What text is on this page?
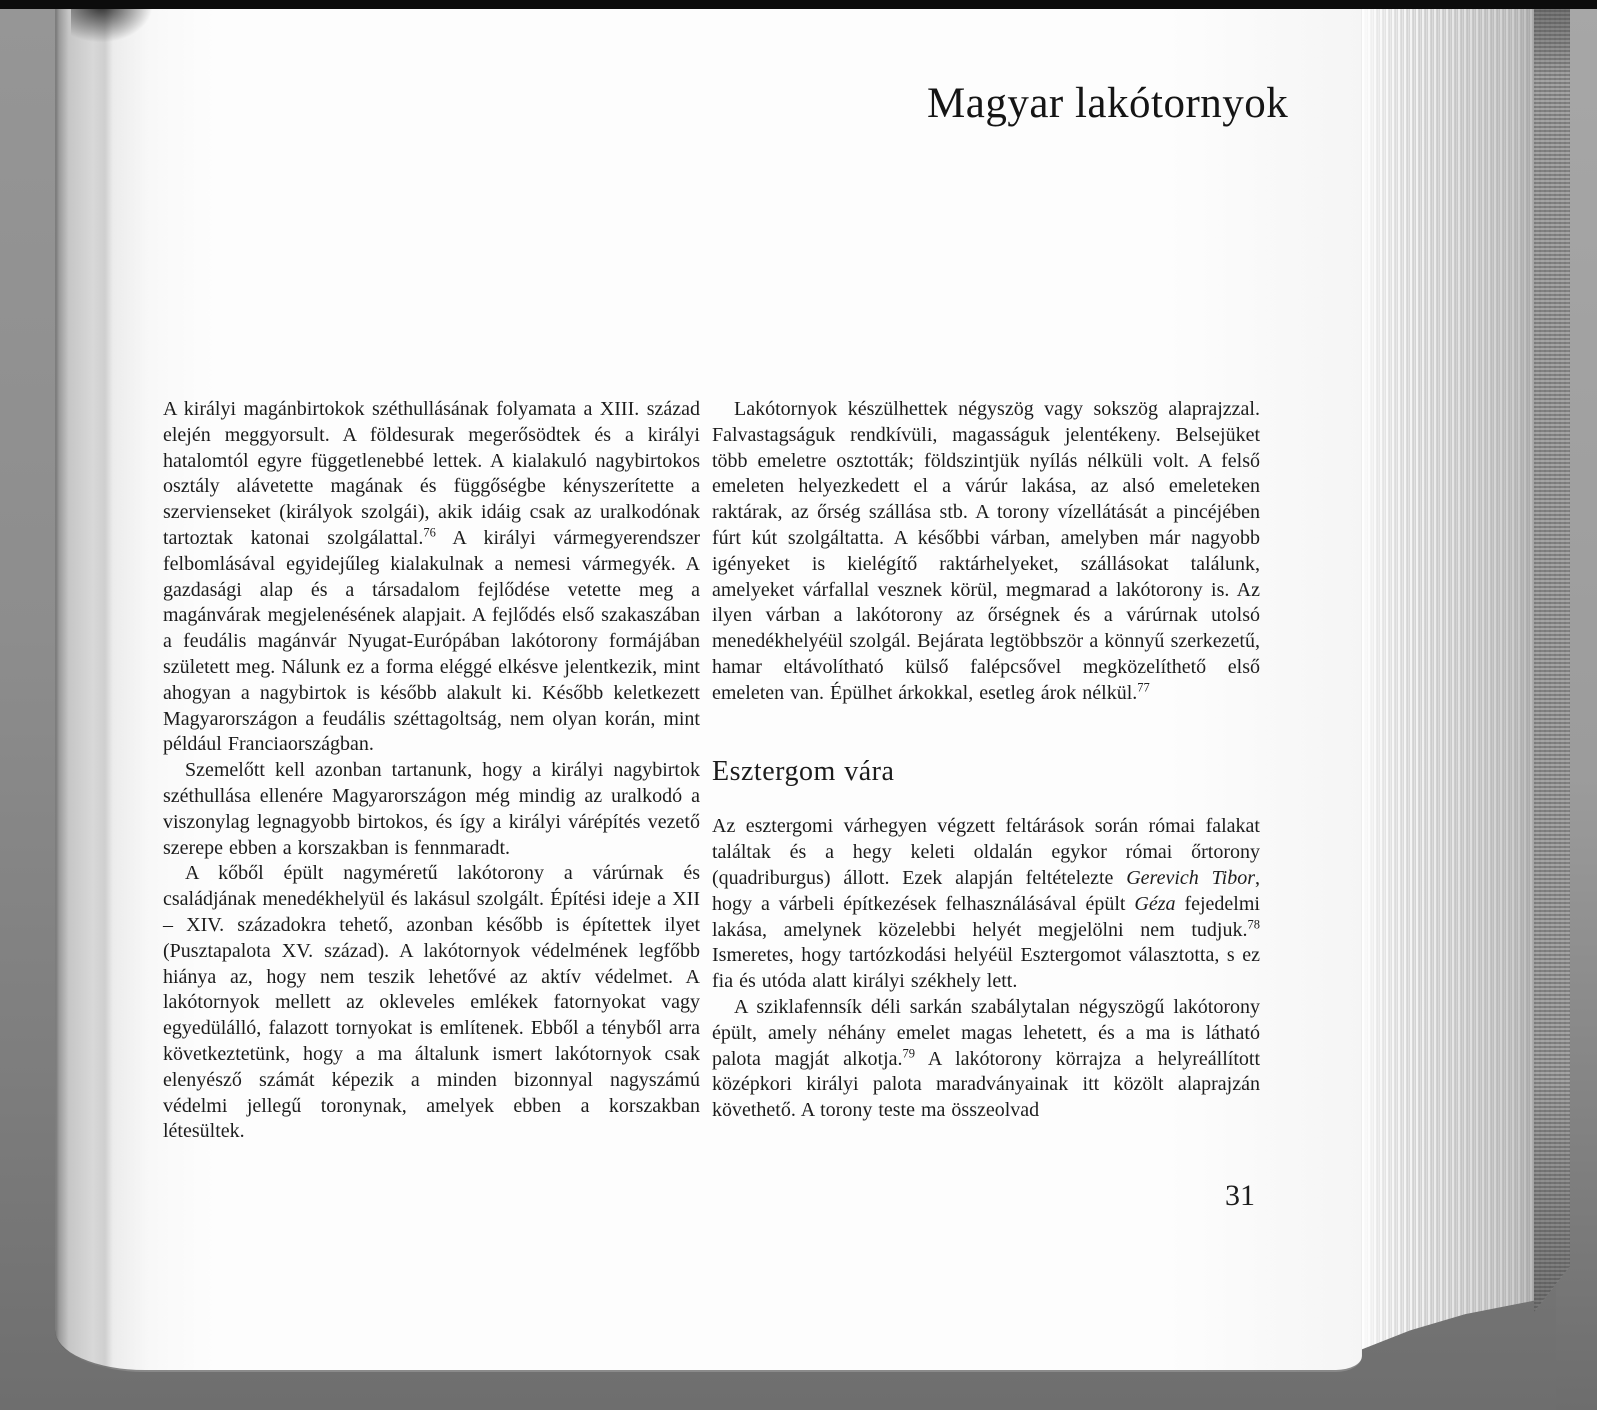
Magyar lakótornyok

A királyi magánbirtokok széthullásának folyamata a XIII. század elején meggyorsult. A földesurak megerősödtek és a királyi hatalomtól egyre függetlenebbé lettek. A kialakuló nagybirtokos osztály alávetette magának és függőségbe kényszerítette a szervienseket (királyok szolgái), akik idáig csak az uralkodónak tartoztak katonai szolgálattal.$^{76}$ A királyi vármegyerendszer felbomlásával egyidejűleg kialakulnak a nemesi vármegyék. A gazdasági alap és a társadalom fejlődése vetette meg a magánvárak megjelenésének alapjait. A fejlődés első szakaszában a feudális magánvár Nyugat-Európában lakótorony formájában született meg. Nálunk ez a forma eléggé elkésve jelentkezik, mint ahogyan a nagybirtok is később alakult ki. Később keletkezett Magyarországon a feudális széttagoltság, nem olyan korán, mint például Franciaországban.

Szemelőtt kell azonban tartanunk, hogy a királyi nagybirtok széthullása ellenére Magyarországon még mindig az uralkodó a viszonylag legnagyobb birtokos, és így a királyi várépítés vezető szerepe ebben a korszakban is fennmaradt.

A kőből épült nagyméretű lakótorony a várúrnak és családjának menedékhelyül és lakásul szolgált. Építési ideje a XII – XIV. századokra tehető, azonban később is építettek ilyet (Pusztapalota XV. század). A lakótornyok védelmének legfőbb hiánya az, hogy nem teszik lehetővé az aktív védelmet. A lakótornyok mellett az okleveles emlékek fatornyokat vagy egyedülálló, falazott tornyokat is említenek. Ebből a tényből arra következtetünk, hogy a ma általunk ismert lakótornyok csak elenyésző számát képezik a minden bizonnyal nagyszámú védelmi jellegű toronynak, amelyek ebben a korszakban létesültek.

Lakótornyok készülhettek négyszög vagy sokszög alaprajzzal. Falvastagságuk rendkívüli, magasságuk jelentékeny. Belsejüket több emeletre osztották; földszintjük nyílás nélküli volt. A felső emeleten helyezkedett el a várúr lakása, az alsó emeleteken raktárak, az őrség szállása stb. A torony vízellátását a pincéjében fúrt kút szolgáltatta. A későbbi várban, amelyben már nagyobb igényeket is kielégítő raktárhelyeket, szállásokat találunk, amelyeket várfallal vesznek körül, megmarad a lakótorony is. Az ilyen várban a lakótorony az őrségnek és a várúrnak utolsó menedékhelyéül szolgál. Bejárata legtöbbször a könnyű szerkezetű, hamar eltávolítható külső falépcsővel megközelíthető első emeleten van. Épülhet árkokkal, esetleg árok nélkül.$^{77}$

Esztergom vára

Az esztergomi várhegyen végzett feltárások során római falakat találtak és a hegy keleti oldalán egykor római őrtorony (quadriburgus) állott. Ezek alapján feltételezte Gerevich Tibor, hogy a várbeli építkezések felhasználásával épült Géza fejedelmi lakása, amelynek közelebbi helyét megjelölni nem tudjuk.$^{78}$ Ismeretes, hogy tartózkodási helyéül Esztergomot választotta, s ez fia és utóda alatt királyi székhely lett.

A sziklafennsík déli sarkán szabálytalan négyszögű lakótorony épült, amely néhány emelet magas lehetett, és a ma is látható palota magját alkotja.$^{79}$ A lakótorony körrajza a helyreállított középkori királyi palota maradványainak itt közölt alaprajzán követhető. A torony teste ma összeolvad

31
